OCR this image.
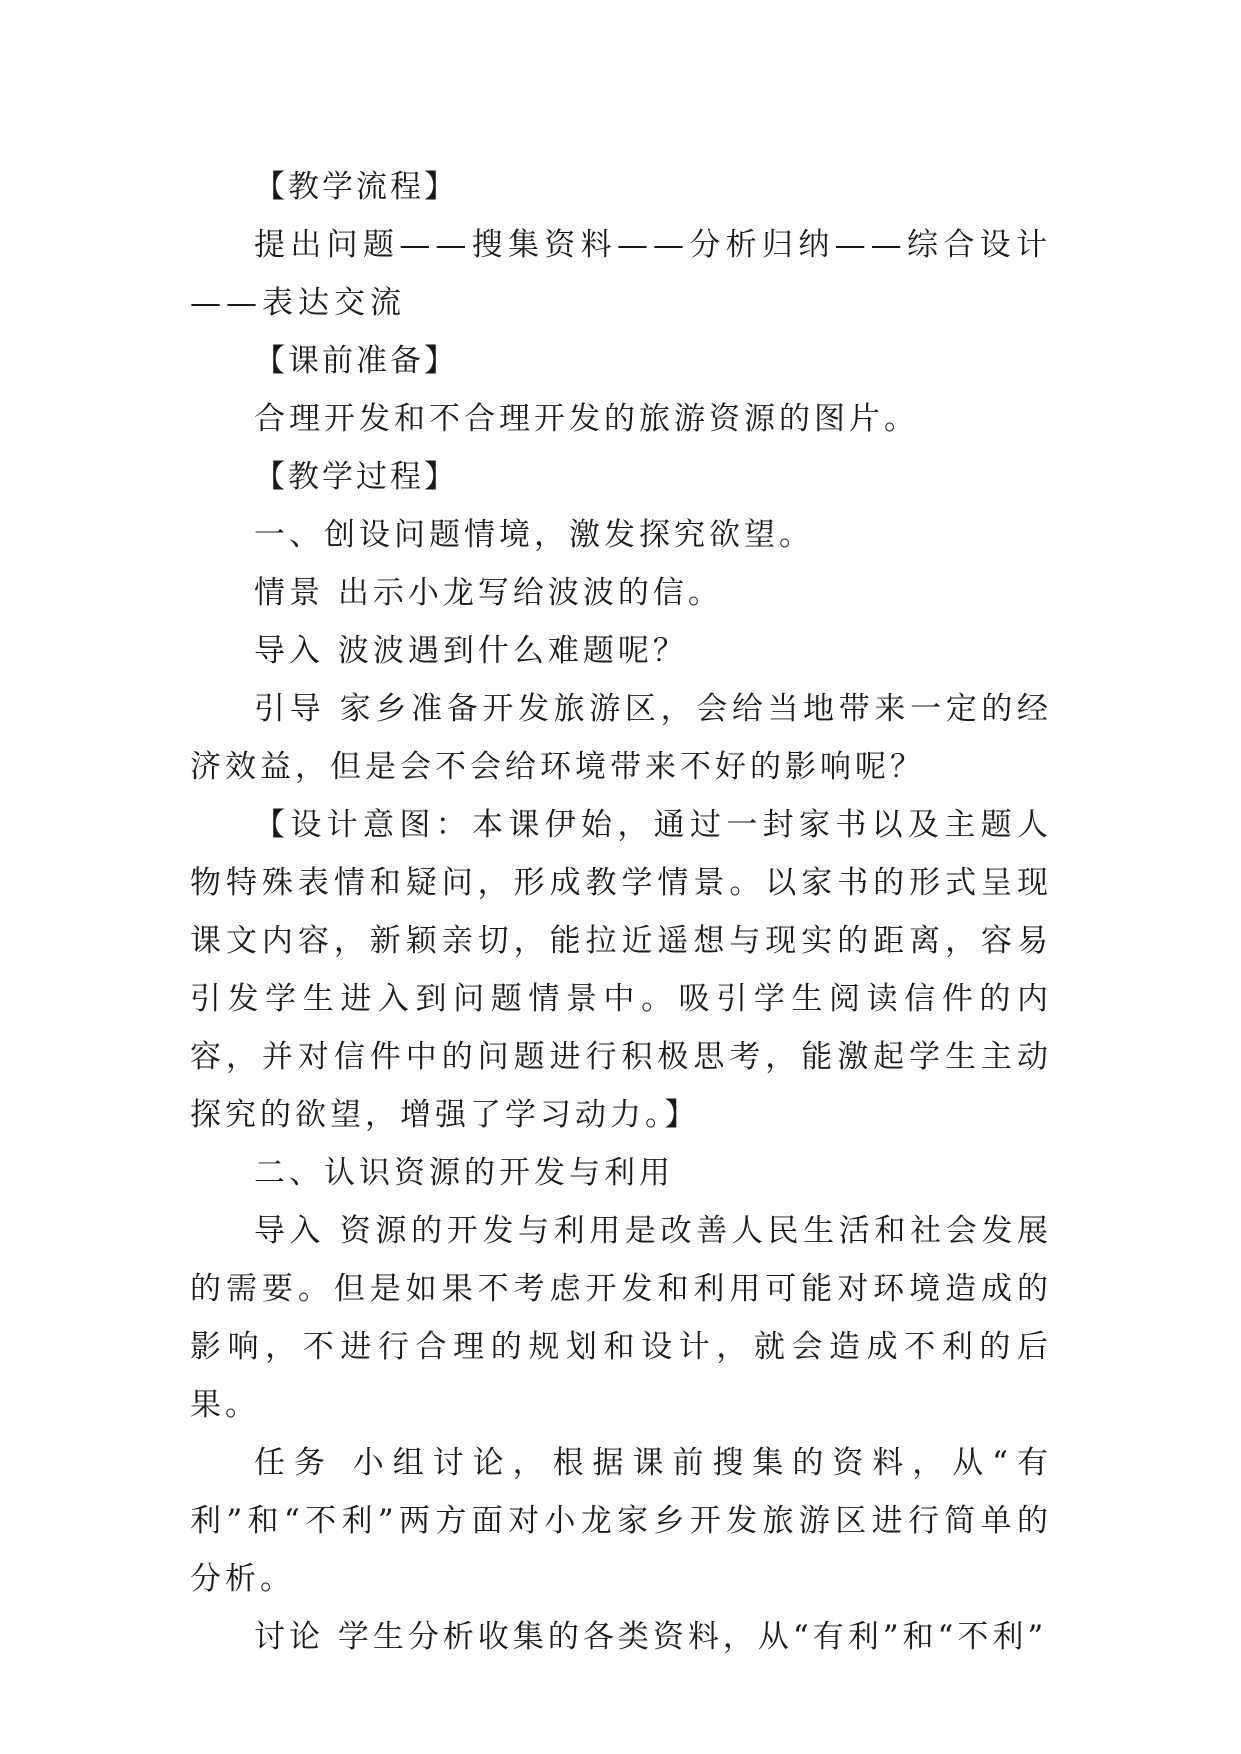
【教学流程】

提出问题——搜集资料——分析归纳——综合设计——表达交流

【课前准备】

合理开发和不合理开发的旅游资源的图片。

【教学过程】

一、创设问题情境，激发探究欲望。

情景 出示小龙写给波波的信。

导入 波波遇到什么难题呢？

引导 家乡准备开发旅游区，会给当地带来一定的经济效益，但是会不会给环境带来不好的影响呢？

【设计意图：本课伊始，通过一封家书以及主题人物特殊表情和疑问，形成教学情景。以家书的形式呈现课文内容，新颖亲切，能拉近遥想与现实的距离，容易引发学生进入到问题情景中。吸引学生阅读信件的内容，并对信件中的问题进行积极思考，能激起学生主动探究的欲望，增强了学习动力。】

二、认识资源的开发与利用

导入 资源的开发与利用是改善人民生活和社会发展的需要。但是如果不考虑开发和利用可能对环境造成的影响，不进行合理的规划和设计，就会造成不利的后果。

任务 小组讨论，根据课前搜集的资料，从“有利”和“不利”两方面对小龙家乡开发旅游区进行简单的分析。

讨论 学生分析收集的各类资料，从“有利”和“不利”
